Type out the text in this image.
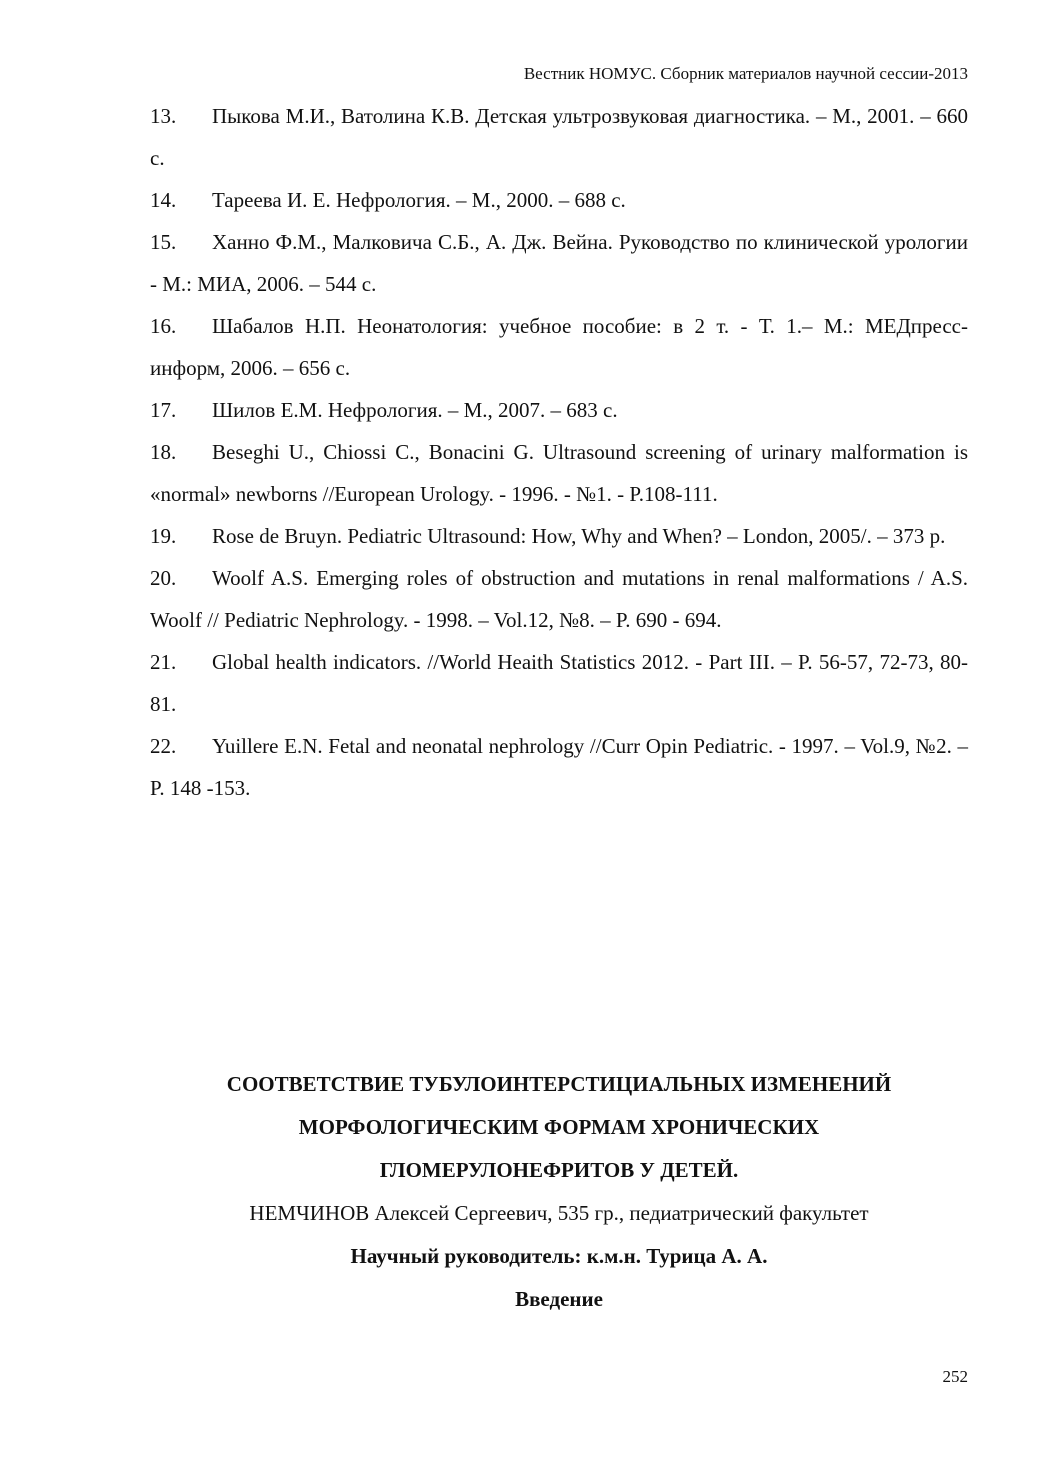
Вестник НОМУС. Сборник материалов научной сессии-2013
13. Пыкова М.И., Ватолина К.В. Детская ультрозвуковая диагностика. – М., 2001. – 660 с.
14. Тареева И. Е. Нефрология. – М., 2000. – 688 с.
15. Ханно Ф.М., Малковича С.Б., А. Дж. Вейна. Руководство по клинической урологии - М.: МИА, 2006. – 544 с.
16. Шабалов Н.П. Неонатология: учебное пособие: в 2 т. - Т. 1.– М.: МЕДпресс-информ, 2006. – 656 с.
17. Шилов Е.М. Нефрология. – М., 2007. – 683 с.
18. Beseghi U., Chiossi C., Bonacini G. Ultrasound screening of urinary malformation is «normal» newborns //European Urology. - 1996. - №1. - P.108-111.
19. Rose de Bruyn. Pediatric Ultrasound: How, Why and When? – London, 2005/. – 373 p.
20. Woolf A.S. Emerging roles of obstruction and mutations in renal malformations / A.S. Woolf // Pediatric Nephrology. - 1998. – Vol.12, №8. – P. 690 - 694.
21. Global health indicators. //World Heaith Statistics 2012. - Part III. – P. 56-57, 72-73, 80-81.
22. Yuillere E.N. Fetal and neonatal nephrology //Curr Opin Pediatric. - 1997. – Vol.9, №2. – P. 148 -153.
СООТВЕТСТВИЕ ТУБУЛОИНТЕРСТИЦИАЛЬНЫХ ИЗМЕНЕНИЙ
МОРФОЛОГИЧЕСКИМ ФОРМАМ ХРОНИЧЕСКИХ
ГЛОМЕРУЛОНЕФРИТОВ У ДЕТЕЙ.

НЕМЧИНОВ Алексей Сергеевич, 535 гр., педиатрический факультет

Научный руководитель: к.м.н. Турица А. А.

Введение
252
